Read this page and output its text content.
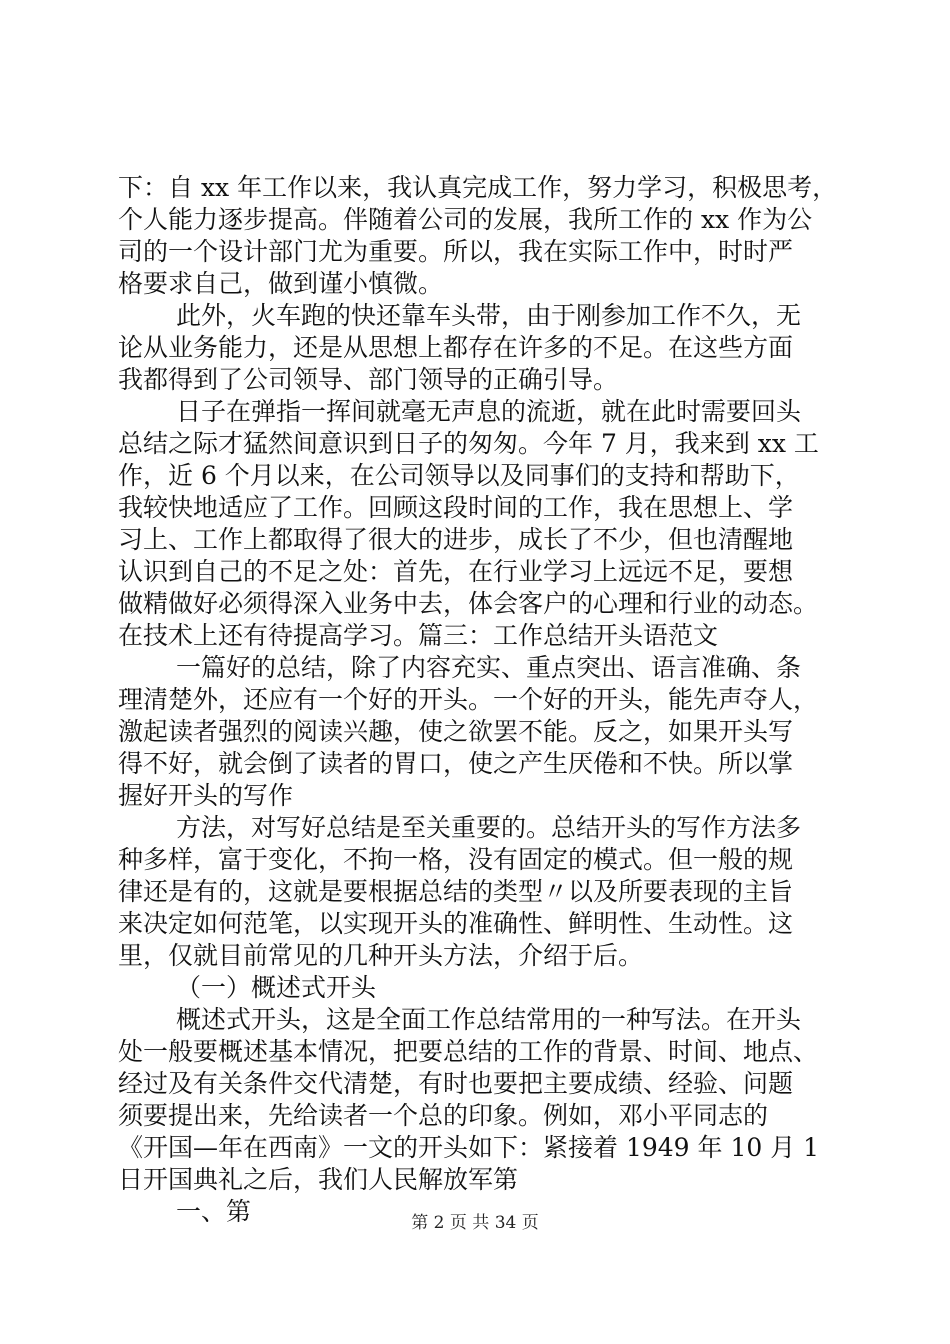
下：自 xx 年工作以来，我认真完成工作，努力学习，积极思考，
个人能力逐步提高。伴随着公司的发展，我所工作的 xx 作为公
司的一个设计部门尤为重要。所以，我在实际工作中，时时严
格要求自己，做到谨小慎微。
此外，火车跑的快还靠车头带，由于刚参加工作不久，无
论从业务能力，还是从思想上都存在许多的不足。在这些方面
我都得到了公司领导、部门领导的正确引导。
日子在弹指一挥间就毫无声息的流逝，就在此时需要回头
总结之际才猛然间意识到日子的匆匆。今年 7 月，我来到 xx 工
作，近 6 个月以来，在公司领导以及同事们的支持和帮助下，
我较快地适应了工作。回顾这段时间的工作，我在思想上、学
习上、工作上都取得了很大的进步，成长了不少，但也清醒地
认识到自己的不足之处：首先，在行业学习上远远不足，要想
做精做好必须得深入业务中去，体会客户的心理和行业的动态。
在技术上还有待提高学习。篇三：工作总结开头语范文
一篇好的总结，除了内容充实、重点突出、语言准确、条
理清楚外，还应有一个好的开头。一个好的开头，能先声夺人，
激起读者强烈的阅读兴趣，使之欲罢不能。反之，如果开头写
得不好，就会倒了读者的胃口，使之产生厌倦和不快。所以掌
握好开头的写作
方法，对写好总结是至关重要的。总结开头的写作方法多
种多样，富于变化，不拘一格，没有固定的模式。但一般的规
律还是有的，这就是要根据总结的类型〃以及所要表现的主旨
来决定如何范笔，以实现开头的准确性、鲜明性、生动性。这
里，仅就目前常见的几种开头方法，介绍于后。
（一）概述式开头
概述式开头，这是全面工作总结常用的一种写法。在开头
处一般要概述基本情况，把要总结的工作的背景、时间、地点、
经过及有关条件交代清楚，有时也要把主要成绩、经验、问题
须要提出来，先给读者一个总的印象。例如，邓小平同志的
《开国—年在西南》一文的开头如下：紧接着 1949 年 10 月 1
日开国典礼之后，我们人民解放军第
一、第	第 2 页 共 34 页
